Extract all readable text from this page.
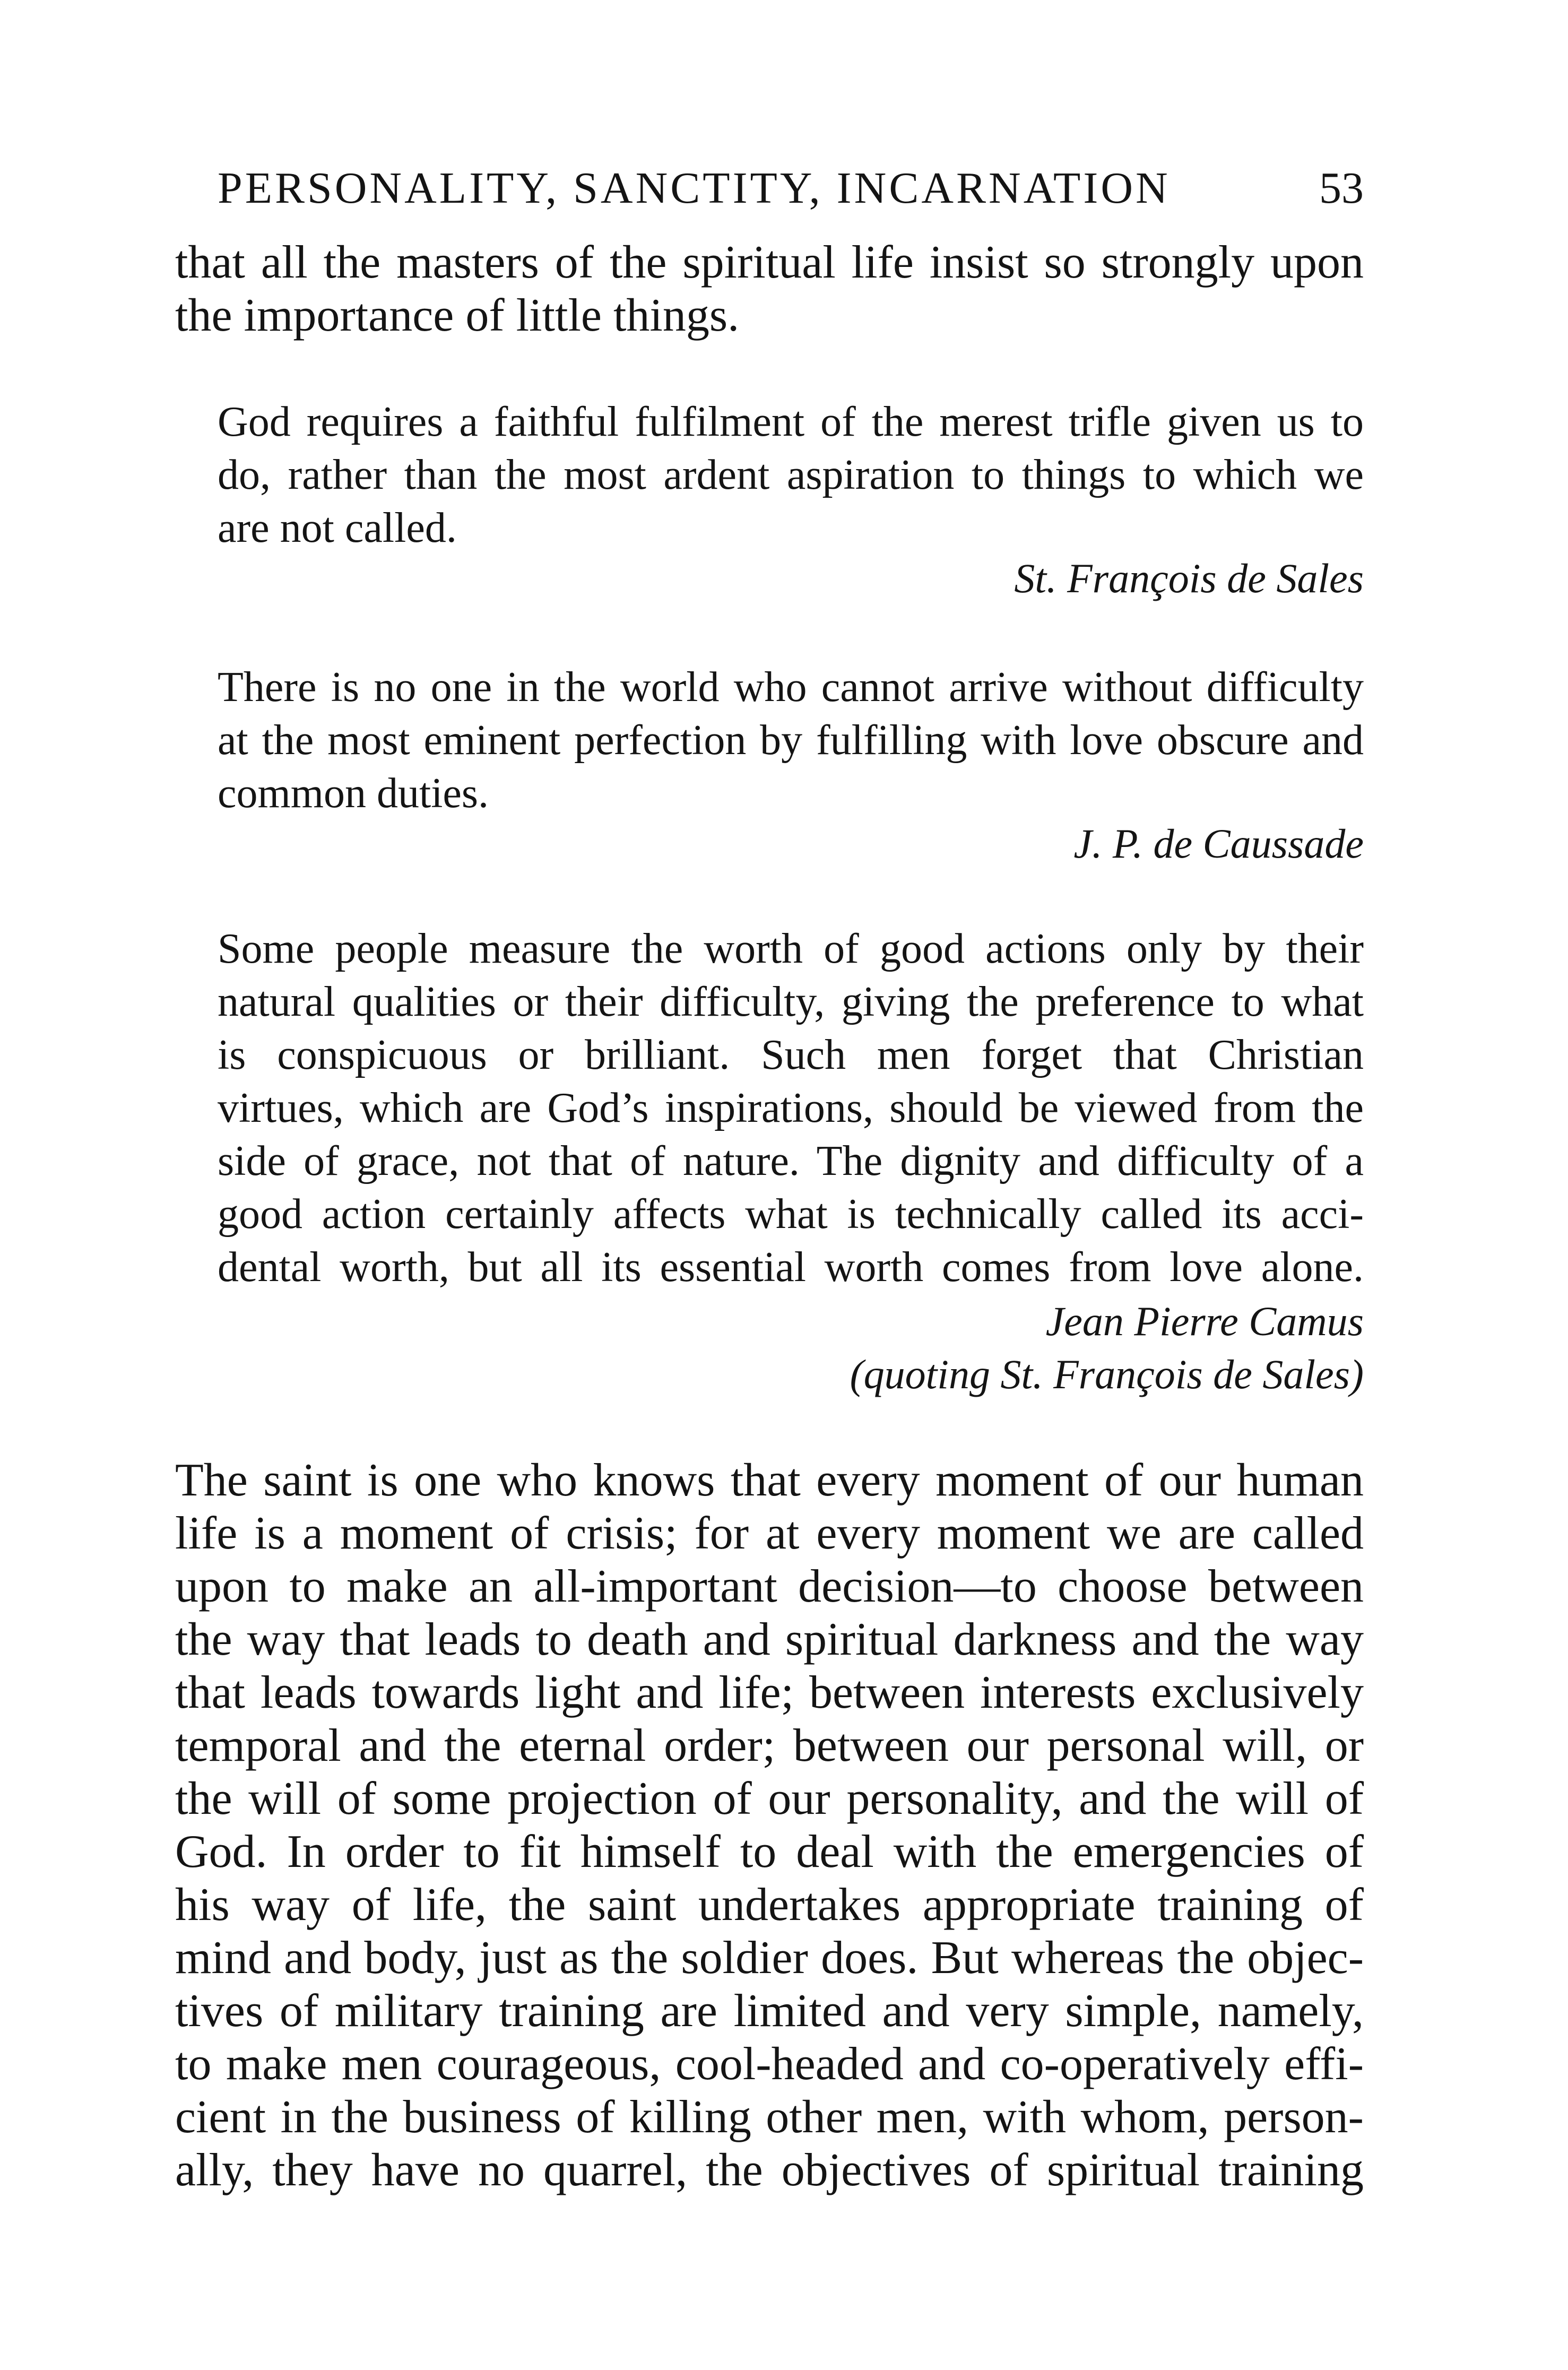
PERSONALITY, SANCTITY, INCARNATION	53
that all the masters of the spiritual life insist so strongly upon
the importance of little things.
God requires a faithful fulfilment of the merest trifle given us to
do, rather than the most ardent aspiration to things to which we
are not called.
St. François de Sales
There is no one in the world who cannot arrive without difficulty
at the most eminent perfection by fulfilling with love obscure and
common duties.
J. P. de Caussade
Some people measure the worth of good actions only by their
natural qualities or their difficulty, giving the preference to what
is conspicuous or brilliant. Such men forget that Christian
virtues, which are God’s inspirations, should be viewed from the
side of grace, not that of nature. The dignity and difficulty of a
good action certainly affects what is technically called its acci-
dental worth, but all its essential worth comes from love alone.
Jean Pierre Camus
(quoting St. François de Sales)
The saint is one who knows that every moment of our human
life is a moment of crisis; for at every moment we are called
upon to make an all-important decision—to choose between
the way that leads to death and spiritual darkness and the way
that leads towards light and life; between interests exclusively
temporal and the eternal order; between our personal will, or
the will of some projection of our personality, and the will of
God. In order to fit himself to deal with the emergencies of
his way of life, the saint undertakes appropriate training of
mind and body, just as the soldier does. But whereas the objec-
tives of military training are limited and very simple, namely,
to make men courageous, cool-headed and co-operatively effi-
cient in the business of killing other men, with whom, person-
ally, they have no quarrel, the objectives of spiritual training
